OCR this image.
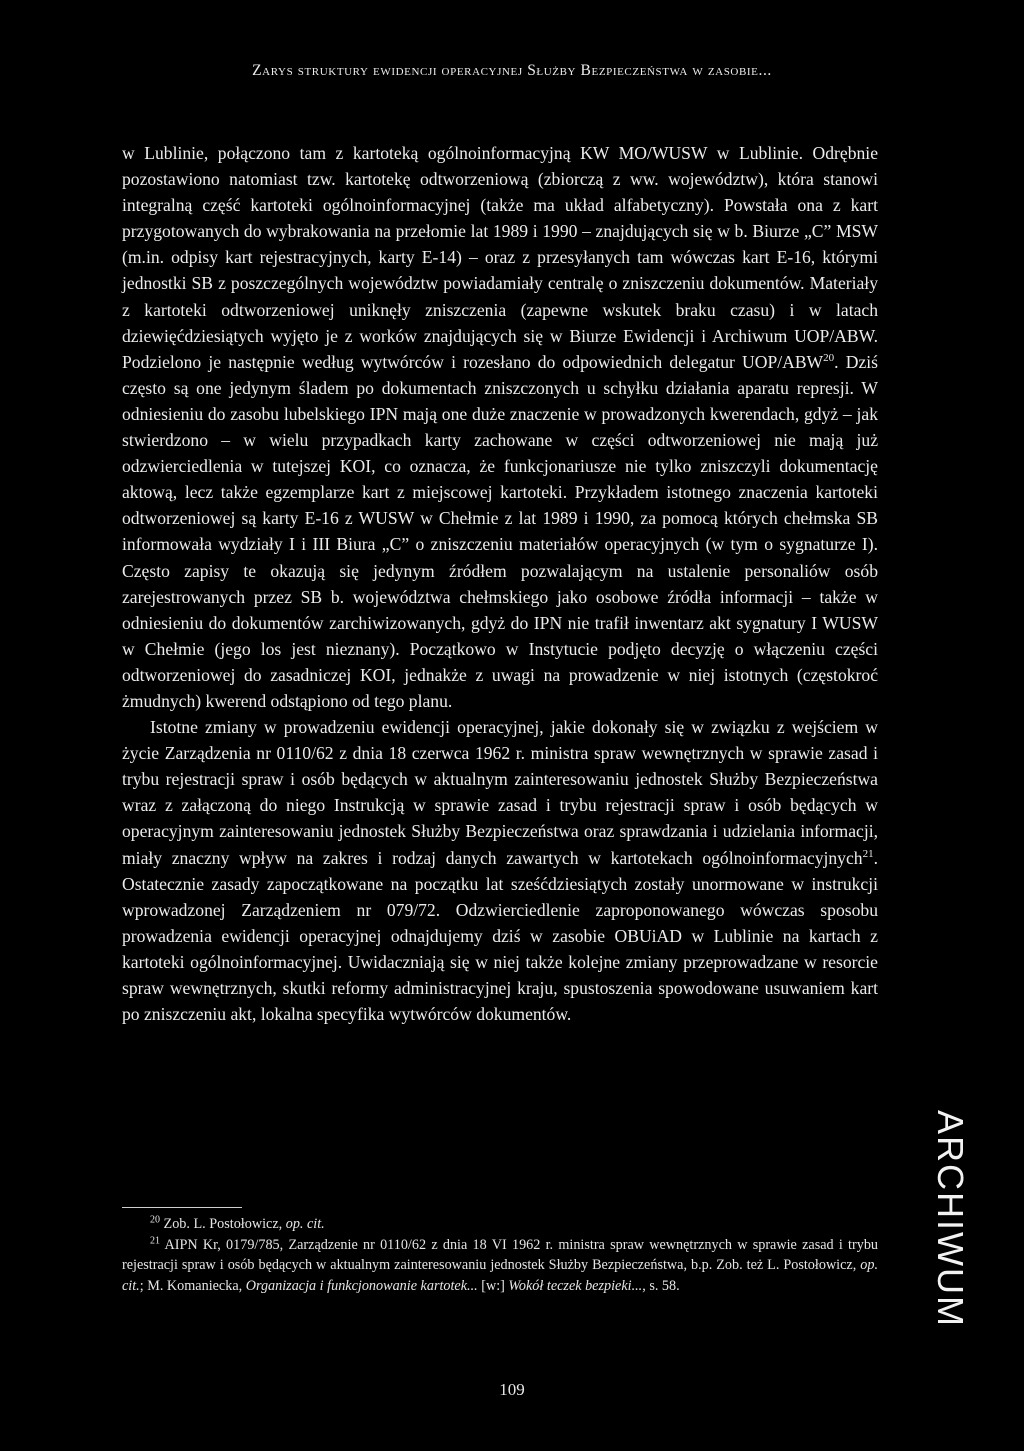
Zarys struktury ewidencji operacyjnej Służby Bezpieczeństwa w zasobie...

w Lublinie, połączono tam z kartoteką ogólnoinformacyjną KW MO/WUSW w Lublinie. Odrębnie pozostawiono natomiast tzw. kartotekę odtworzeniową (zbiorczą z ww. województw), która stanowi integralną część kartoteki ogólnoinformacyjnej (także ma układ alfabetyczny). Powstała ona z kart przygotowanych do wybrakowania na przełomie lat 1989 i 1990 – znajdujących się w b. Biurze „C” MSW (m.in. odpisy kart rejestracyjnych, karty E-14) – oraz z przesyłanych tam wówczas kart E-16, którymi jednostki SB z poszczególnych województw powiadamiały centralę o zniszczeniu dokumentów. Materiały z kartoteki odtworzeniowej uniknęły zniszczenia (zapewne wskutek braku czasu) i w latach dziewięćdziesiątych wyjęto je z worków znajdujących się w Biurze Ewidencji i Archiwum UOP/ABW. Podzielono je następnie według wytwórców i rozesłano do odpowiednich delegatur UOP/ABW$^{20}$. Dziś często są one jedynym śladem po dokumentach zniszczonych u schyłku działania aparatu represji. W odniesieniu do zasobu lubelskiego IPN mają one duże znaczenie w prowadzonych kwerendach, gdyż – jak stwierdzono – w wielu przypadkach karty zachowane w części odtworzeniowej nie mają już odzwierciedlenia w tutejszej KOI, co oznacza, że funkcjonariusze nie tylko zniszczyli dokumentację aktową, lecz także egzemplarze kart z miejscowej kartoteki. Przykładem istotnego znaczenia kartoteki odtworzeniowej są karty E-16 z WUSW w Chełmie z lat 1989 i 1990, za pomocą których chełmska SB informowała wydziały I i III Biura „C” o zniszczeniu materiałów operacyjnych (w tym o sygnaturze I). Często zapisy te okazują się jedynym źródłem pozwalającym na ustalenie personaliów osób zarejestrowanych przez SB b. województwa chełmskiego jako osobowe źródła informacji – także w odniesieniu do dokumentów zarchiwizowanych, gdyż do IPN nie trafił inwentarz akt sygnatury I WUSW w Chełmie (jego los jest nieznany). Początkowo w Instytucie podjęto decyzję o włączeniu części odtworzeniowej do zasadniczej KOI, jednakże z uwagi na prowadzenie w niej istotnych (częstokroć żmudnych) kwerend odstąpiono od tego planu.

Istotne zmiany w prowadzeniu ewidencji operacyjnej, jakie dokonały się w związku z wejściem w życie Zarządzenia nr 0110/62 z dnia 18 czerwca 1962 r. ministra spraw wewnętrznych w sprawie zasad i trybu rejestracji spraw i osób będących w aktualnym zainteresowaniu jednostek Służby Bezpieczeństwa wraz z załączoną do niego Instrukcją w sprawie zasad i trybu rejestracji spraw i osób będących w operacyjnym zainteresowaniu jednostek Służby Bezpieczeństwa oraz sprawdzania i udzielania informacji, miały znaczny wpływ na zakres i rodzaj danych zawartych w kartotekach ogólnoinformacyjnych$^{21}$. Ostatecznie zasady zapoczątkowane na początku lat sześćdziesiątych zostały unormowane w instrukcji wprowadzonej Zarządzeniem nr 079/72. Odzwierciedlenie zaproponowanego wówczas sposobu prowadzenia ewidencji operacyjnej odnajdujemy dziś w zasobie OBUiAD w Lublinie na kartach z kartoteki ogólnoinformacyjnej. Uwidaczniają się w niej także kolejne zmiany przeprowadzane w resorcie spraw wewnętrznych, skutki reformy administracyjnej kraju, spustoszenia spowodowane usuwaniem kart po zniszczeniu akt, lokalna specyfika wytwórców dokumentów.

$^{20}$ Zob. L. Postołowicz, op. cit.

$^{21}$ AIPN Kr, 0179/785, Zarządzenie nr 0110/62 z dnia 18 VI 1962 r. ministra spraw wewnętrznych w sprawie zasad i trybu rejestracji spraw i osób będących w aktualnym zainteresowaniu jednostek Służby Bezpieczeństwa, b.p. Zob. też L. Postołowicz, op. cit.; M. Komaniecka, Organizacja i funkcjonowanie kartotek... [w:] Wokół teczek bezpieki..., s. 58.	ARCHIWUM
109
